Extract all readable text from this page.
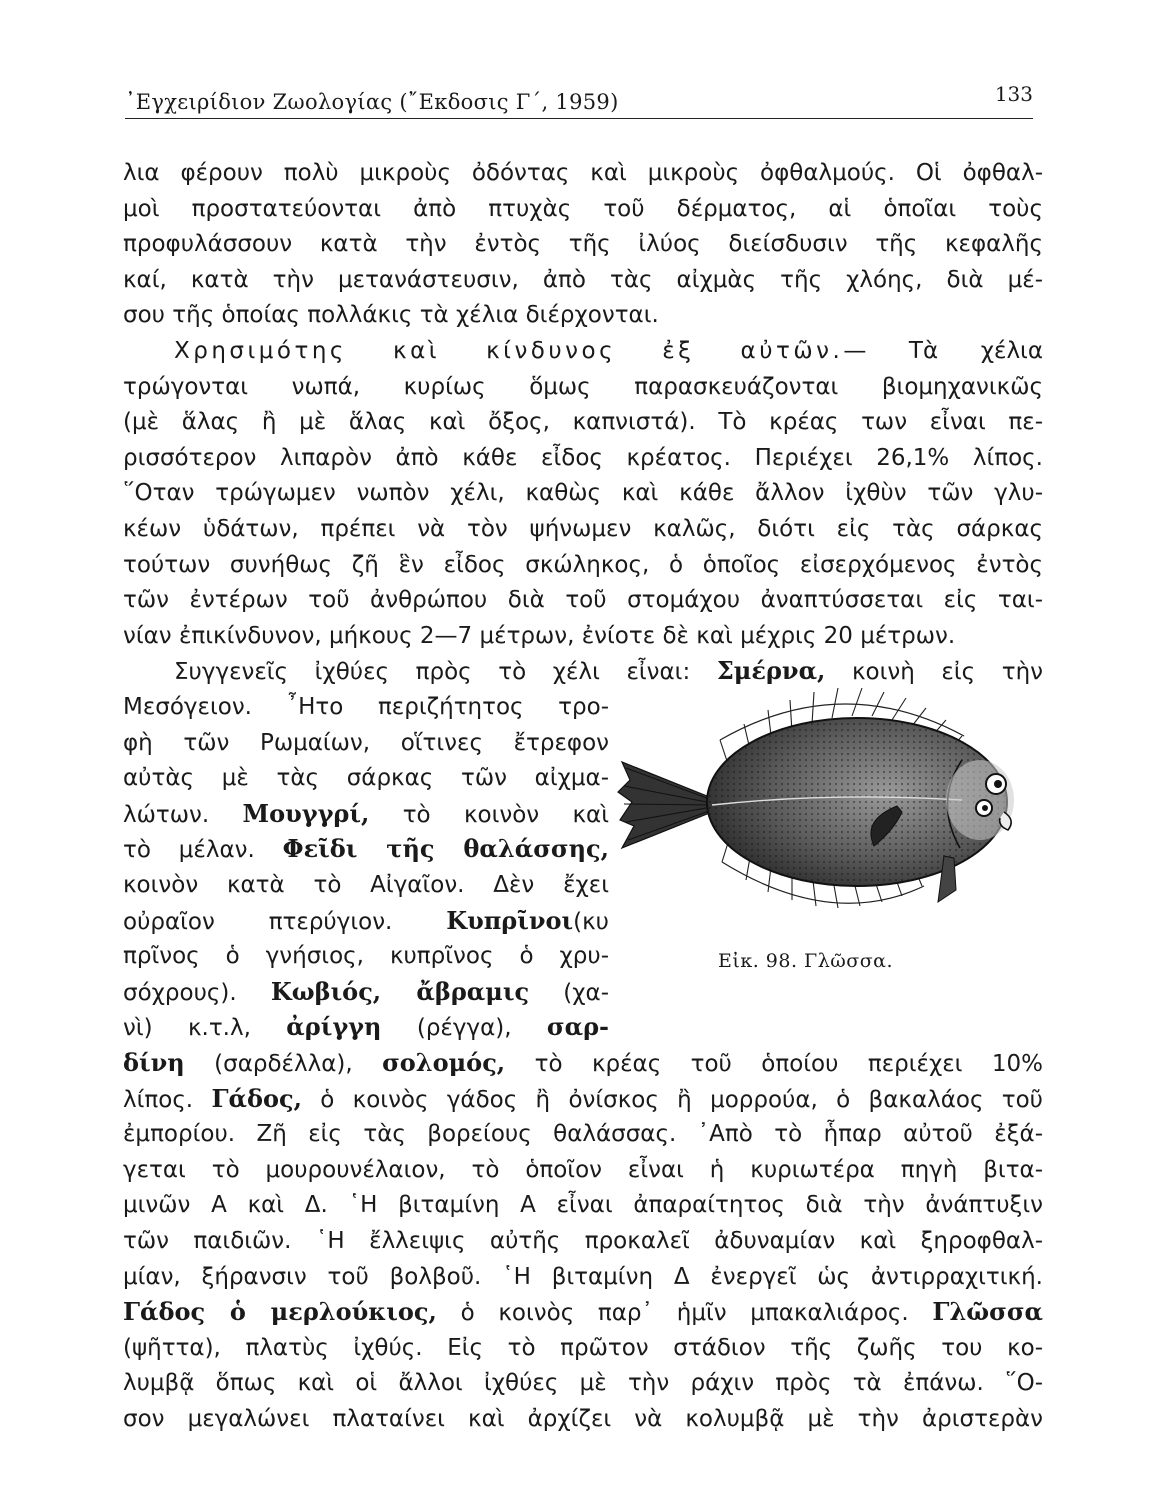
᾿Εγχειρίδιον Ζωολογίας (῎Εκδοσις Γ΄, 1959)	133
λια φέρουν πολὺ μικροὺς ὀδόντας καὶ μικροὺς ὀφθαλμούς. Οἱ ὀφθαλ-
μοὶ προστατεύονται ἀπὸ πτυχὰς τοῦ δέρματος, αἱ ὁποῖαι τοὺς
προφυλάσσουν κατὰ τὴν ἐντὸς τῆς ἰλύος διείσδυσιν τῆς κεφαλῆς
καί, κατὰ τὴν μετανάστευσιν, ἀπὸ τὰς αἰχμὰς τῆς χλόης, διὰ μέ-
σου τῆς ὁποίας πολλάκις τὰ χέλια διέρχονται.
Χρησιμότης καὶ κίνδυνος ἐξ αὐτῶν.— Τὰ χέλια
τρώγονται νωπά, κυρίως ὅμως παρασκευάζονται βιομηχανικῶς
(μὲ ἅλας ἢ μὲ ἅλας καὶ ὄξος, καπνιστά). Τὸ κρέας των εἶναι πε-
ρισσότερον λιπαρὸν ἀπὸ κάθε εἶδος κρέατος. Περιέχει 26,1% λίπος.
῞Οταν τρώγωμεν νωπὸν χέλι, καθὼς καὶ κάθε ἄλλον ἰχθὺν τῶν γλυ-
κέων ὑδάτων, πρέπει νὰ τὸν ψήνωμεν καλῶς, διότι εἰς τὰς σάρκας
τούτων συνήθως ζῆ ἓν εἶδος σκώληκος, ὁ ὁποῖος εἰσερχόμενος ἐντὸς
τῶν ἐντέρων τοῦ ἀνθρώπου διὰ τοῦ στομάχου ἀναπτύσσεται εἰς ται-
νίαν ἐπικίνδυνον, μήκους 2—7 μέτρων, ἐνίοτε δὲ καὶ μέχρις 20 μέτρων.
Συγγενεῖς ἰχθύες πρὸς τὸ χέλι εἶναι: Σμέρνα, κοινὴ εἰς τὴν
Μεσόγειον. ῏Ητο περιζήτητος τρο-
φὴ τῶν Ρωμαίων, οἵτινες ἔτρεφον
αὐτὰς μὲ τὰς σάρκας τῶν αἰχμα-
λώτων. Μουγγρί, τὸ κοινὸν καὶ
τὸ μέλαν. Φεῖδι τῆς θαλάσσης,
κοινὸν κατὰ τὸ Αἰγαῖον. Δὲν ἔχει
οὐραῖον πτερύγιον. Κυπρῖνοι(κυ
πρῖνος ὁ γνήσιος, κυπρῖνος ὁ χρυ-
σόχρους). Κωβιός, ἄβραμις (χα-
νὶ) κ.τ.λ, ἀρίγγη (ρέγγα), σαρ-
δίνη (σαρδέλλα), σολομός, τὸ κρέας τοῦ ὁποίου περιέχει 10%
λίπος. Γάδος, ὁ κοινὸς γάδος ἢ ὀνίσκος ἢ μορρούα, ὁ βακαλάος τοῦ
ἐμπορίου. Ζῆ εἰς τὰς βορείους θαλάσσας. ᾿Απὸ τὸ ἧπαρ αὐτοῦ ἐξά-
γεται τὸ μουρουνέλαιον, τὸ ὁποῖον εἶναι ἡ κυριωτέρα πηγὴ βιτα-
μινῶν Α καὶ Δ. ῾Η βιταμίνη Α εἶναι ἀπαραίτητος διὰ τὴν ἀνάπτυξιν
τῶν παιδιῶν. ῾Η ἔλλειψις αὐτῆς προκαλεῖ ἀδυναμίαν καὶ ξηροφθαλ-
μίαν, ξήρανσιν τοῦ βολβοῦ. ῾Η βιταμίνη Δ ἐνεργεῖ ὡς ἀντιρραχιτική.
Γάδος ὁ μερλούκιος, ὁ κοινὸς παρ᾿ ἡμῖν μπακαλιάρος. Γλῶσσα
(ψῆττα), πλατὺς ἰχθύς. Εἰς τὸ πρῶτον στάδιον τῆς ζωῆς του κο-
λυμβᾷ ὅπως καὶ οἱ ἄλλοι ἰχθύες μὲ τὴν ράχιν πρὸς τὰ ἐπάνω. ῞Ο-
σον μεγαλώνει πλαταίνει καὶ ἀρχίζει νὰ κολυμβᾷ μὲ τὴν ἀριστερὰν
Εἰκ. 98. Γλῶσσα.
